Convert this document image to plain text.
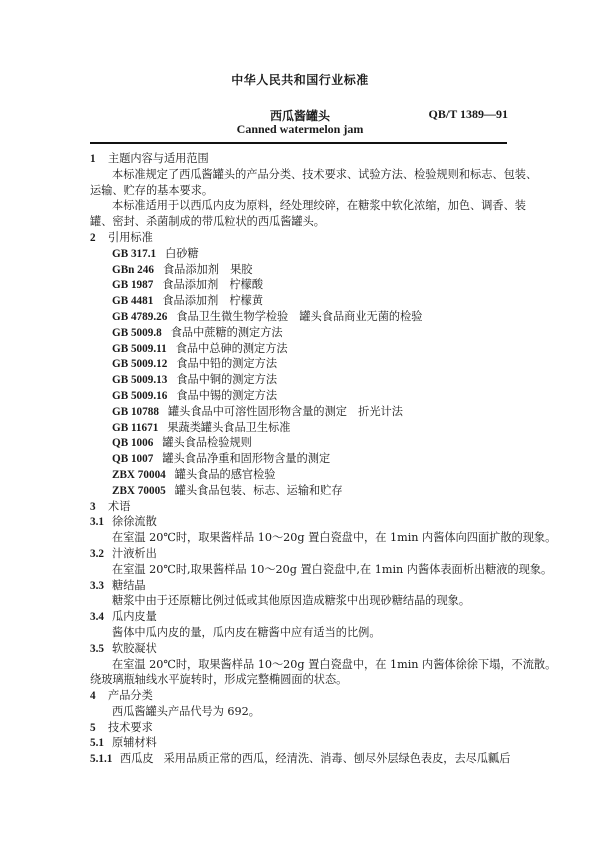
中华人民共和国行业标准
西瓜酱罐头	QB/T 1389—91
Canned watermelon jam
1 主题内容与适用范围
本标准规定了西瓜酱罐头的产品分类、技术要求、试验方法、检验规则和标志、包装、
运输、贮存的基本要求。
本标准适用于以西瓜内皮为原料，经处理绞碎，在糖浆中软化浓缩，加色、调香、装
罐、密封、杀菌制成的带瓜粒状的西瓜酱罐头。
2 引用标准
GB 317.1 白砂糖
GBn 246 食品添加剂　果胶
GB 1987 食品添加剂　柠檬酸
GB 4481 食品添加剂　柠檬黄
GB 4789.26 食品卫生微生物学检验　罐头食品商业无菌的检验
GB 5009.8 食品中蔗糖的测定方法
GB 5009.11 食品中总砷的测定方法
GB 5009.12 食品中铅的测定方法
GB 5009.13 食品中铜的测定方法
GB 5009.16 食品中锡的测定方法
GB 10788 罐头食品中可溶性固形物含量的测定　折光计法
GB 11671 果蔬类罐头食品卫生标准
QB 1006 罐头食品检验规则
QB 1007 罐头食品净重和固形物含量的测定
ZBX 70004 罐头食品的感官检验
ZBX 70005 罐头食品包装、标志、运输和贮存
3 术语
3.1 徐徐流散
在室温 20℃时，取果酱样品 10～20g 置白瓷盘中，在 1min 内酱体向四面扩散的现象。
3.2 汁液析出
在室温 20℃时,取果酱样品 10～20g 置白瓷盘中,在 1min 内酱体表面析出糖液的现象。
3.3 糖结晶
糖浆中由于还原糖比例过低或其他原因造成糖浆中出现砂糖结晶的现象。
3.4 瓜内皮量
酱体中瓜内皮的量，瓜内皮在糖酱中应有适当的比例。
3.5 软胶凝状
在室温 20℃时，取果酱样品 10～20g 置白瓷盘中，在 1min 内酱体徐徐下塌，不流散。
绕玻璃瓶轴线水平旋转时，形成完整椭圆面的状态。
4 产品分类
西瓜酱罐头产品代号为 692。
5 技术要求
5.1 原辅材料
5.1.1 西瓜皮 采用品质正常的西瓜，经清洗、消毒、刨尽外层绿色表皮，去尽瓜瓤后
